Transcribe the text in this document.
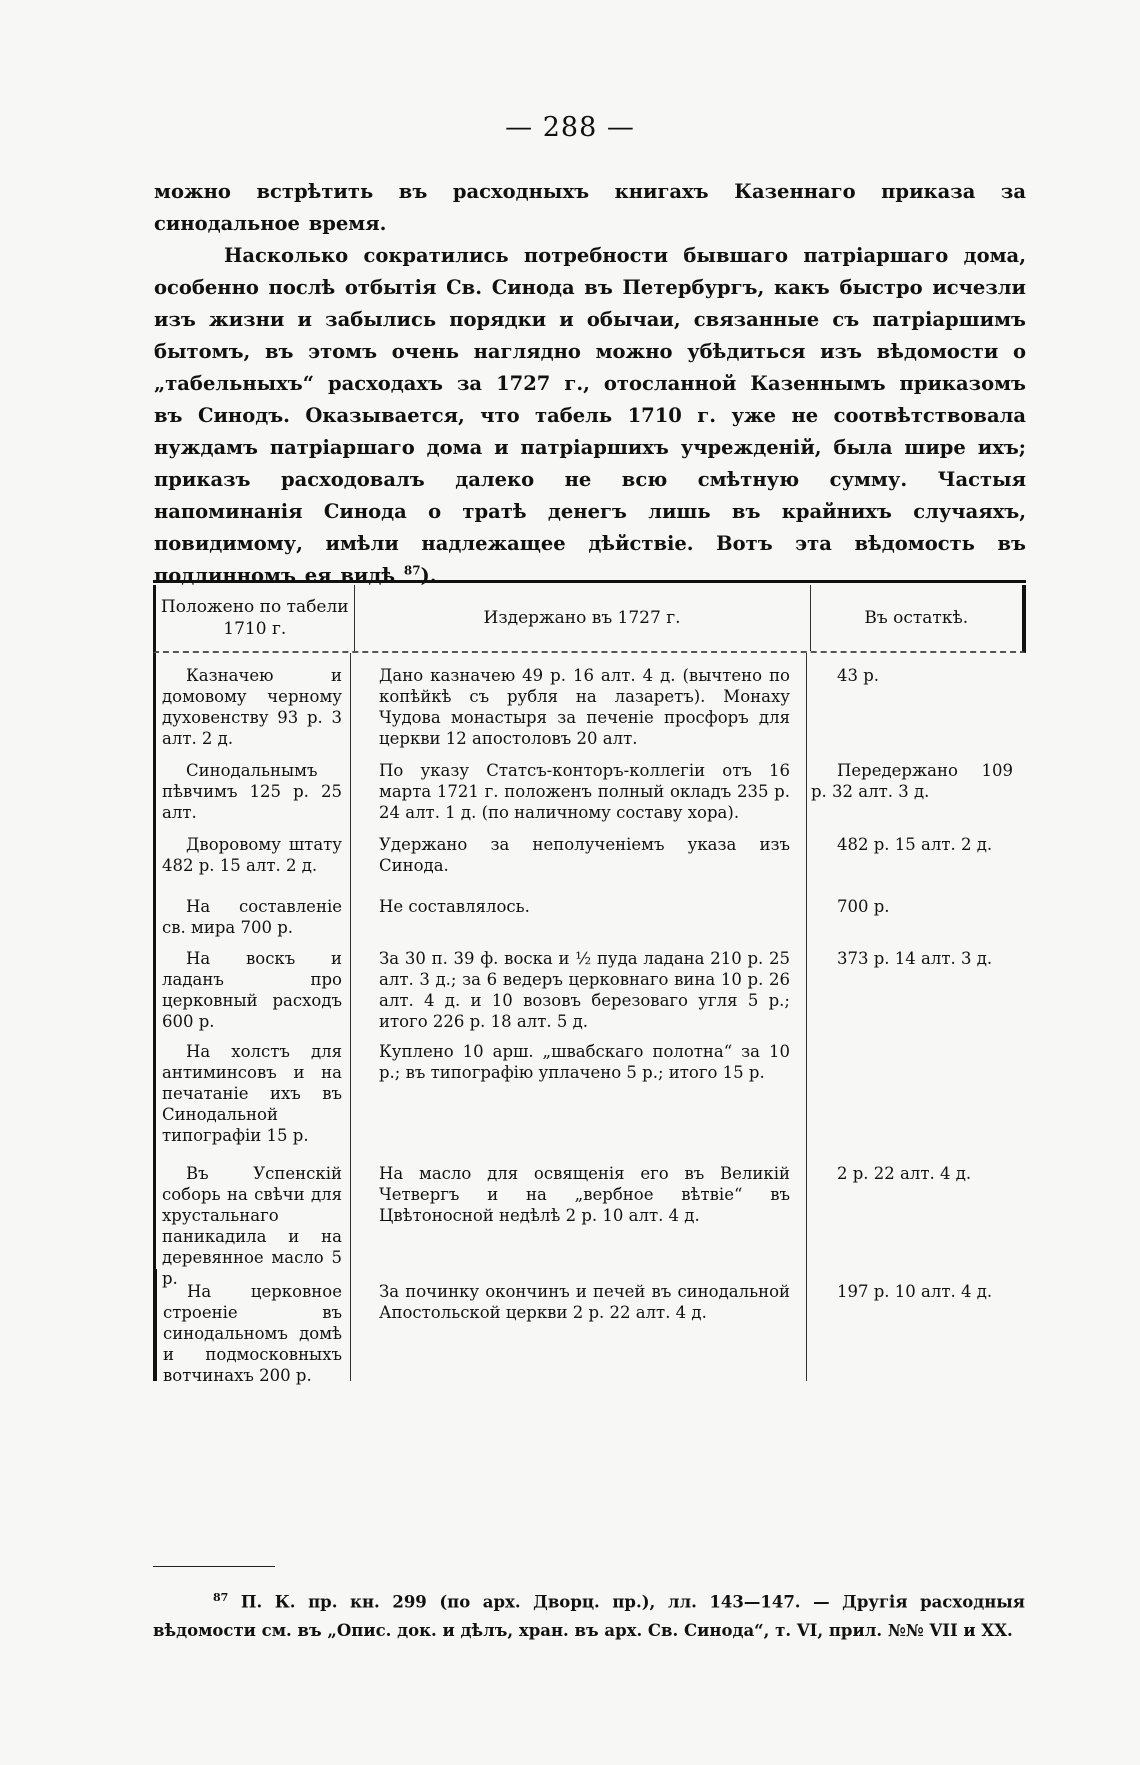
— 288 —

можно встрѣтить въ расходныхъ книгахъ Казеннаго приказа за синодальное время.

Насколько сократились потребности бывшаго патріаршаго дома, особенно послѣ отбытія Св. Синода въ Петербургъ, какъ быстро исчезли изъ жизни и забылись порядки и обычаи, связанные съ патріаршимъ бытомъ, въ этомъ очень наглядно можно убѣдиться изъ вѣдомости о „табельныхъ“ расходахъ за 1727 г., отосланной Казеннымъ приказомъ въ Синодъ. Оказывается, что табель 1710 г. уже не соотвѣтствовала нуждамъ патріаршаго дома и патріаршихъ учрежденій, была шире ихъ; приказъ расходовалъ далеко не всю смѣтную сумму. Частыя напоминанія Синода о тратѣ денегъ лишь въ крайнихъ случаяхъ, повидимому, имѣли надлежащее дѣйствіе. Вотъ эта вѣдомость въ подлинномъ ея видѣ $^{87}$).

Положено по табели 1710 г.
Издержано въ 1727 г.	Въ остаткѣ.
Казначею и домовому черному духовенству 93 р. 3 алт. 2 д.
Дано казначею 49 р. 16 алт. 4 д. (вычтено по копѣйкѣ съ рубля на лазаретъ). Монаху Чудова монастыря за печеніе просфоръ для церкви 12 апостоловъ 20 алт.
43 р.
Синодальнымъ пѣвчимъ 125 р. 25 алт.
По указу Статсъ-конторъ-коллегіи отъ 16 марта 1721 г. положенъ полный окладъ 235 р. 24 алт. 1 д. (по наличному составу хора).
Передержано 109 р. 32 алт. 3 д.
Дворовому штату 482 р. 15 алт. 2 д.
Удержано за неполученіемъ указа изъ Синода.
482 р. 15 алт. 2 д.
На составленіе св. мира 700 р.
Не составлялось.	700 р.
На воскъ и ладанъ про церковный расходъ 600 р.
За 30 п. 39 ф. воска и ½ пуда ладана 210 р. 25 алт. 3 д.; за 6 ведеръ церковнаго вина 10 р. 26 алт. 4 д. и 10 возовъ березоваго угля 5 р.; итого 226 р. 18 алт. 5 д.
373 р. 14 алт. 3 д.
На холстъ для антиминсовъ и на печатаніе ихъ въ Синодальной типографіи 15 р.
Куплено 10 арш. „швабскаго полотна“ за 10 р.; въ типографію уплачено 5 р.; итого 15 р.
Въ Успенскій соборь на свѣчи для хрустальнаго паникадила и на деревянное масло 5 р.
На масло для освященія его въ Великій Четвергъ и на „вербное вѣтвіе“ въ Цвѣтоносной недѣлѣ 2 р. 10 алт. 4 д.
2 р. 22 алт. 4 д.
На церковное строеніе въ синодальномъ домѣ и подмосковныхъ вотчинахъ 200 р.
За починку окончинъ и печей въ синодальной Апостольской церкви 2 р. 22 алт. 4 д.
197 р. 10 алт. 4 д.
$^{87}$ П. К. пр. кн. 299 (по арх. Дворц. пр.), лл. 143—147. — Другія расходныя вѣдомости см. въ „Опис. док. и дѣлъ, хран. въ арх. Св. Синода“, т. VI, прил. №№ VII и XX.
